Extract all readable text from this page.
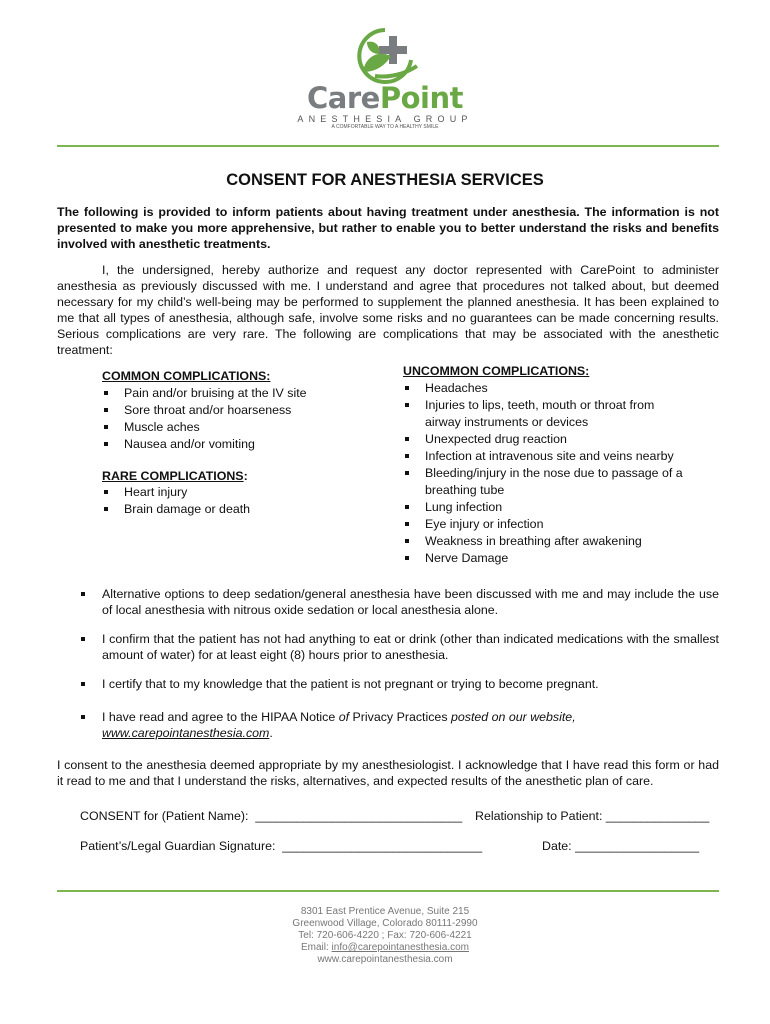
CarePoint
ANESTHESIA GROUP
A COMFORTABLE WAY TO A HEALTHY SMILE
CONSENT FOR ANESTHESIA SERVICES
The following is provided to inform patients about having treatment under anesthesia. The information is not presented to make you more apprehensive, but rather to enable you to better understand the risks and benefits involved with anesthetic treatments.
I, the undersigned, hereby authorize and request any doctor represented with CarePoint to administer anesthesia as previously discussed with me. I understand and agree that procedures not talked about, but deemed necessary for my child’s well-being may be performed to supplement the planned anesthesia. It has been explained to me that all types of anesthesia, although safe, involve some risks and no guarantees can be made concerning results. Serious complications are very rare. The following are complications that may be associated with the anesthetic treatment:
COMMON COMPLICATIONS:
Pain and/or bruising at the IV site
Sore throat and/or hoarseness
Muscle aches
Nausea and/or vomiting
RARE COMPLICATIONS:
Heart injury
Brain damage or death
UNCOMMON COMPLICATIONS:
Headaches
Injuries to lips, teeth, mouth or throat from airway instruments or devices
Unexpected drug reaction
Infection at intravenous site and veins nearby
Bleeding/injury in the nose due to passage of a breathing tube
Lung infection
Eye injury or infection
Weakness in breathing after awakening
Nerve Damage
Alternative options to deep sedation/general anesthesia have been discussed with me and may include the use of local anesthesia with nitrous oxide sedation or local anesthesia alone.
I confirm that the patient has not had anything to eat or drink (other than indicated medications with the smallest amount of water) for at least eight (8) hours prior to anesthesia.
I certify that to my knowledge that the patient is not pregnant or trying to become pregnant.
I have read and agree to the HIPAA Notice of Privacy Practices posted on our website,
www.carepointanesthesia.com.
I consent to the anesthesia deemed appropriate by my anesthesiologist. I acknowledge that I have read this form or had it read to me and that I understand the risks, alternatives, and expected results of the anesthetic plan of care.
CONSENT for (Patient Name): ______________________________ Relationship to Patient: _______________
Patient’s/Legal Guardian Signature: _____________________________	Date: __________________
8301 East Prentice Avenue, Suite 215
Greenwood Village, Colorado 80111-2990
Tel: 720-606-4220 ; Fax: 720-606-4221
Email: info@carepointanesthesia.com
www.carepointanesthesia.com
